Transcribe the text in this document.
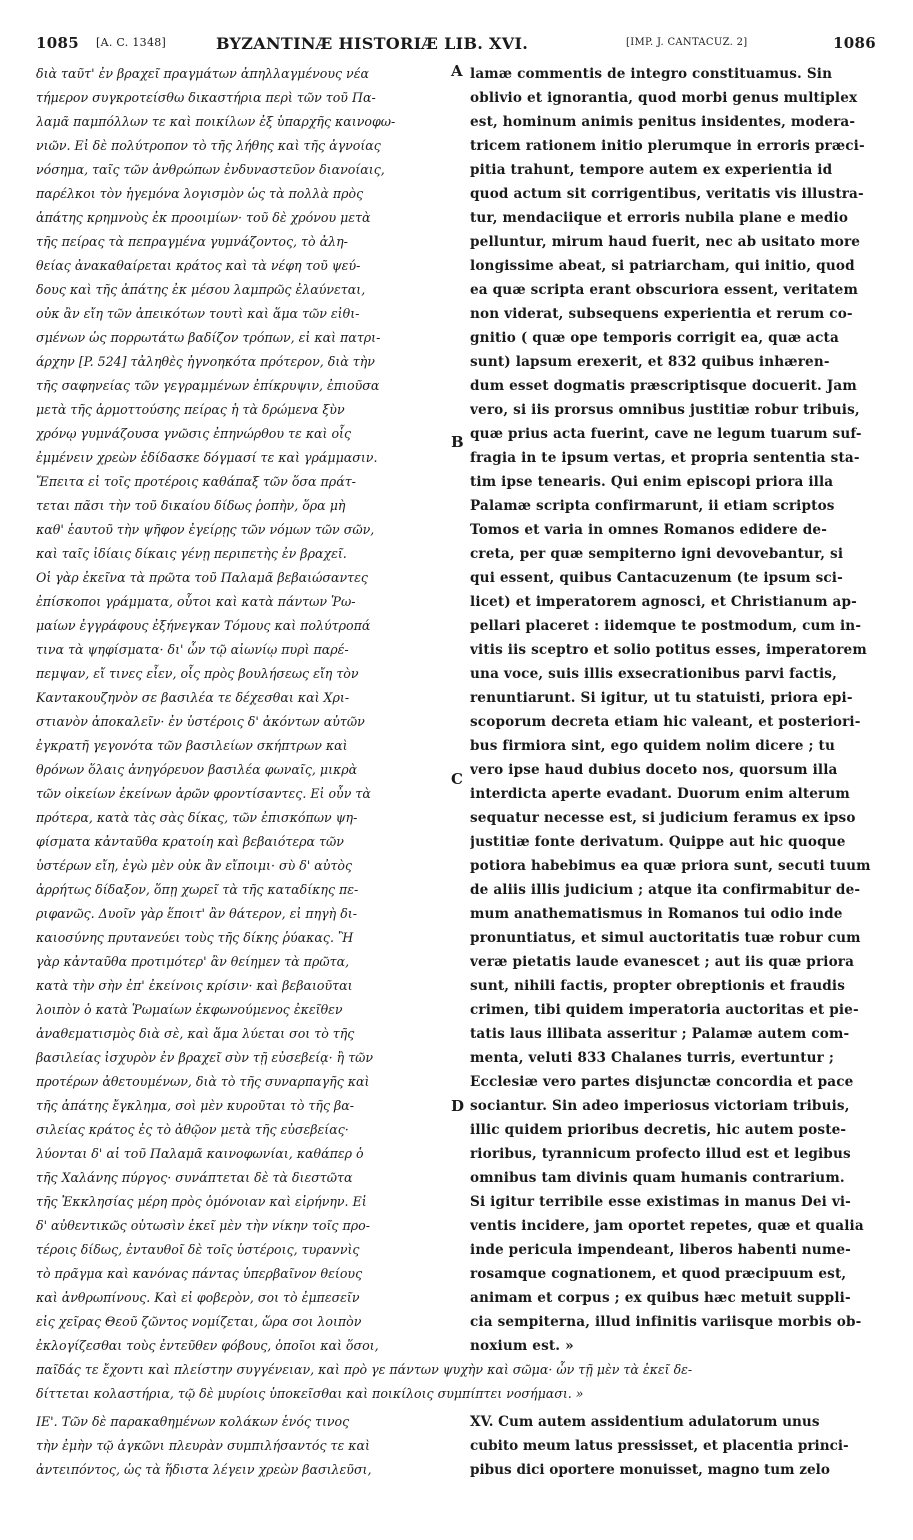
1085 [A. C. 1348]	BYZANTINÆ HISTORIÆ LIB. XVI.	[IMP. J. CANTACUZ. 2]	1086
διὰ ταῦτ' ἐν βραχεῖ πραγμάτων ἀπηλλαγμένους νέα
τήμερον συγκροτείσθω δικαστήρια περὶ τῶν τοῦ Πα-
λαμᾶ παμπόλλων τε καὶ ποικίλων ἐξ ὑπαρχῆς καινοφω-
νιῶν. Εἰ δὲ πολύτροπον τὸ τῆς λήθης καὶ τῆς ἀγνοίας
νόσημα, ταῖς τῶν ἀνθρώπων ἐνδυναστεῦον διανοίαις,
παρέλκοι τὸν ἡγεμόνα λογισμὸν ὡς τὰ πολλὰ πρὸς
ἀπάτης κρημνοὺς ἐκ προοιμίων· τοῦ δὲ χρόνου μετὰ
τῆς πείρας τὰ πεπραγμένα γυμνάζοντος, τὸ ἀλη-
θείας ἀνακαθαίρεται κράτος καὶ τὰ νέφη τοῦ ψεύ-
δους καὶ τῆς ἀπάτης ἐκ μέσου λαμπρῶς ἐλαύνεται,
οὐκ ἂν εἴη τῶν ἀπεικότων τουτὶ καὶ ἅμα τῶν εἰθι-
σμένων ὡς πορρωτάτω βαδίζον τρόπων, εἰ καὶ πατρι-
άρχην [P. 524] τἀληθὲς ἠγνοηκότα πρότερον, διὰ τὴν
τῆς σαφηνείας τῶν γεγραμμένων ἐπίκρυψιν, ἐπιοῦσα
μετὰ τῆς ἁρμοττούσης πείρας ἡ τὰ δρώμενα ξὺν
χρόνῳ γυμνάζουσα γνῶσις ἐπηνώρθου τε καὶ οἷς
ἐμμένειν χρεὼν ἐδίδασκε δόγμασί τε καὶ γράμμασιν.
Ἔπειτα εἰ τοῖς προτέροις καθάπαξ τῶν ὅσα πράτ-
τεται πᾶσι τὴν τοῦ δικαίου δίδως ῥοπὴν, ὅρα μὴ
καθ' ἑαυτοῦ τὴν ψῆφον ἐγείρῃς τῶν νόμων τῶν σῶν,
καὶ ταῖς ἰδίαις δίκαις γένῃ περιπετὴς ἐν βραχεῖ.
Οἱ γὰρ ἐκεῖνα τὰ πρῶτα τοῦ Παλαμᾶ βεβαιώσαντες
ἐπίσκοποι γράμματα, οὗτοι καὶ κατὰ πάντων Ῥω-
μαίων ἐγγράφους ἐξήνεγκαν Τόμους καὶ πολύτροπά
τινα τὰ ψηφίσματα· δι' ὧν τῷ αἰωνίῳ πυρὶ παρέ-
πεμψαν, εἴ τινες εἶεν, οἷς πρὸς βουλήσεως εἴη τὸν
Καντακουζηνὸν σε βασιλέα τε δέχεσθαι καὶ Χρι-
στιανὸν ἀποκαλεῖν· ἐν ὑστέροις δ' ἀκόντων αὐτῶν
ἐγκρατῆ γεγονότα τῶν βασιλείων σκήπτρων καὶ
θρόνων ὅλαις ἀνηγόρευον βασιλέα φωναῖς, μικρὰ
τῶν οἰκείων ἐκείνων ἀρῶν φροντίσαντες. Εἰ οὖν τὰ
πρότερα, κατὰ τὰς σὰς δίκας, τῶν ἐπισκόπων ψη-
φίσματα κἀνταῦθα κρατοίη καὶ βεβαιότερα τῶν
ὑστέρων εἴη, ἐγὼ μὲν οὐκ ἂν εἴποιμι· σὺ δ' αὐτὸς
ἀρρήτως δίδαξον, ὅπῃ χωρεῖ τὰ τῆς καταδίκης πε-
ριφανῶς. Δυοῖν γὰρ ἕποιτ' ἂν θάτερον, εἰ πηγὴ δι-
καιοσύνης πρυτανεύει τοὺς τῆς δίκης ῥύακας. Ἢ
γὰρ κἀνταῦθα προτιμότερ' ἂν θείημεν τὰ πρῶτα,
κατὰ τὴν σὴν ἐπ' ἐκείνοις κρίσιν· καὶ βεβαιοῦται
λοιπὸν ὁ κατὰ Ῥωμαίων ἐκφωνούμενος ἐκεῖθεν
ἀναθεματισμὸς διὰ σὲ, καὶ ἅμα λύεται σοι τὸ τῆς
βασιλείας ἰσχυρὸν ἐν βραχεῖ σὺν τῇ εὐσεβείᾳ· ἢ τῶν
προτέρων ἀθετουμένων, διὰ τὸ τῆς συναρπαγῆς καὶ
τῆς ἀπάτης ἔγκλημα, σοὶ μὲν κυροῦται τὸ τῆς βα-
σιλείας κράτος ἐς τὸ ἀθῷον μετὰ τῆς εὐσεβείας·
λύονται δ' αἱ τοῦ Παλαμᾶ καινοφωνίαι, καθάπερ ὁ
τῆς Χαλάνης πύργος· συνάπτεται δὲ τὰ διεστῶτα
τῆς Ἐκκλησίας μέρη πρὸς ὁμόνοιαν καὶ εἰρήνην. Εἰ
δ' αὐθεντικῶς οὑτωσὶν ἐκεῖ μὲν τὴν νίκην τοῖς προ-
τέροις δίδως, ἐνταυθοῖ δὲ τοῖς ὑστέροις, τυραννὶς
τὸ πρᾶγμα καὶ κανόνας πάντας ὑπερβαῖνον θείους
καὶ ἀνθρωπίνους. Καὶ εἰ φοβερὸν, σοι τὸ ἐμπεσεῖν
εἰς χεῖρας Θεοῦ ζῶντος νομίζεται, ὥρα σοι λοιπὸν
ἐκλογίζεσθαι τοὺς ἐντεῦθεν φόβους, ὁποῖοι καὶ ὅσοι,
lamæ commentis de integro constituamus. Sin
oblivio et ignorantia, quod morbi genus multiplex
est, hominum animis penitus insidentes, modera-
tricem rationem initio plerumque in erroris præci-
pitia trahunt, tempore autem ex experientia id
quod actum sit corrigentibus, veritatis vis illustra-
tur, mendaciique et erroris nubila plane e medio
pelluntur, mirum haud fuerit, nec ab usitato more
longissime abeat, si patriarcham, qui initio, quod
ea quæ scripta erant obscuriora essent, veritatem
non viderat, subsequens experientia et rerum co-
gnitio ( quæ ope temporis corrigit ea, quæ acta
sunt) lapsum erexerit, et 832 quibus inhæren-
dum esset dogmatis præscriptisque docuerit. Jam
vero, si iis prorsus omnibus justitiæ robur tribuis,
quæ prius acta fuerint, cave ne legum tuarum suf-
fragia in te ipsum vertas, et propria sententia sta-
tim ipse tenearis. Qui enim episcopi priora illa
Palamæ scripta confirmarunt, ii etiam scriptos
Tomos et varia in omnes Romanos edidere de-
creta, per quæ sempiterno igni devovebantur, si
qui essent, quibus Cantacuzenum (te ipsum sci-
licet) et imperatorem agnosci, et Christianum ap-
pellari placeret : iidemque te postmodum, cum in-
vitis iis sceptro et solio potitus esses, imperatorem
una voce, suis illis exsecrationibus parvi factis,
renuntiarunt. Si igitur, ut tu statuisti, priora epi-
scoporum decreta etiam hic valeant, et posteriori-
bus firmiora sint, ego quidem nolim dicere ; tu
vero ipse haud dubius doceto nos, quorsum illa
interdicta aperte evadant. Duorum enim alterum
sequatur necesse est, si judicium feramus ex ipso
justitiæ fonte derivatum. Quippe aut hic quoque
potiora habebimus ea quæ priora sunt, secuti tuum
de aliis illis judicium ; atque ita confirmabitur de-
mum anathematismus in Romanos tui odio inde
pronuntiatus, et simul auctoritatis tuæ robur cum
veræ pietatis laude evanescet ; aut iis quæ priora
sunt, nihili factis, propter obreptionis et fraudis
crimen, tibi quidem imperatoria auctoritas et pie-
tatis laus illibata asseritur ; Palamæ autem com-
menta, veluti 833 Chalanes turris, evertuntur ;
Ecclesiæ vero partes disjunctæ concordia et pace
sociantur. Sin adeo imperiosus victoriam tribuis,
illic quidem prioribus decretis, hic autem poste-
rioribus, tyrannicum profecto illud est et legibus
omnibus tam divinis quam humanis contrarium.
Si igitur terribile esse existimas in manus Dei vi-
ventis incidere, jam oportet repetes, quæ et qualia
inde pericula impendeant, liberos habenti nume-
rosamque cognationem, et quod præcipuum est,
animam et corpus ; ex quibus hæc metuit suppli-
cia sempiterna, illud infinitis variisque morbis ob-
noxium est. »
A
B
C
D
παῖδάς τε ἔχοντι καὶ πλείστην συγγένειαν, καὶ πρὸ γε πάντων ψυχὴν καὶ σῶμα· ὧν τῇ μὲν τὰ ἐκεῖ δε-
δίττεται κολαστήρια, τῷ δὲ μυρίοις ὑποκεῖσθαι καὶ ποικίλοις συμπίπτει νοσήμασι. »
ΙΕ'. Τῶν δὲ παρακαθημένων κολάκων ἑνός τινος
τὴν ἐμὴν τῷ ἀγκῶνι πλευρὰν συμπιλήσαντός τε καὶ
ἀντειπόντος, ὡς τὰ ἥδιστα λέγειν χρεὼν βασιλεῦσι,
XV. Cum autem assidentium adulatorum unus
cubito meum latus pressisset, et placentia princi-
pibus dici oportere monuisset, magno tum zelo
